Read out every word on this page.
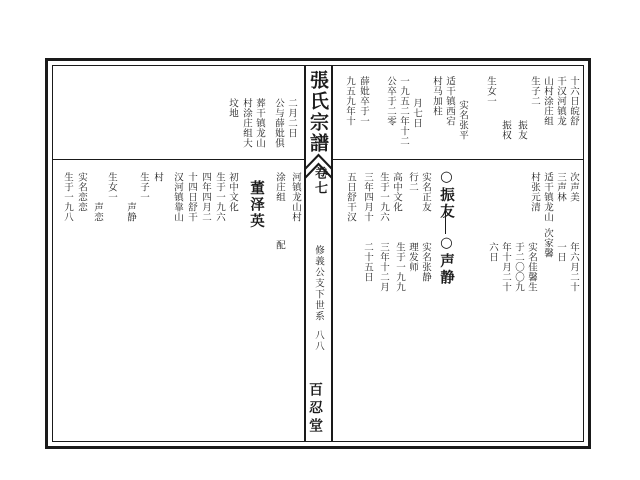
張氏宗譜
卷七
修義公支下世系
八八
百忍堂
十六日皖舒
干汉河镇龙
山村涂庄组
生子二
振友
振权
生女一
实名张平
适干镇西宕
村马加柱
月七日
一九五二年十二
公卒于二零
薛妣卒于一
九五九年十
二月二日
公与薛妣俱
葬干镇龙山
村涂庄组大
坟地
次声美
三声林
适干镇龙山
村张元清
年六月二十
一日
次家馨
实名佳馨生
于二〇〇九
年十月二十
六日
○振友
○声静
实名正友
行二
生于一九六 高中文化
三年四月十
五日舒干汉
实名张静
理发师
生于一九九
三年十二月
二十五日
河镇龙山村
涂庄组
配
董泽英
初中文化
生于一九六
四年四月二
十四日舒干
汉河镇靠山
村
生子一
声静
生女一
声恋
实名恋恋
生于一九八
